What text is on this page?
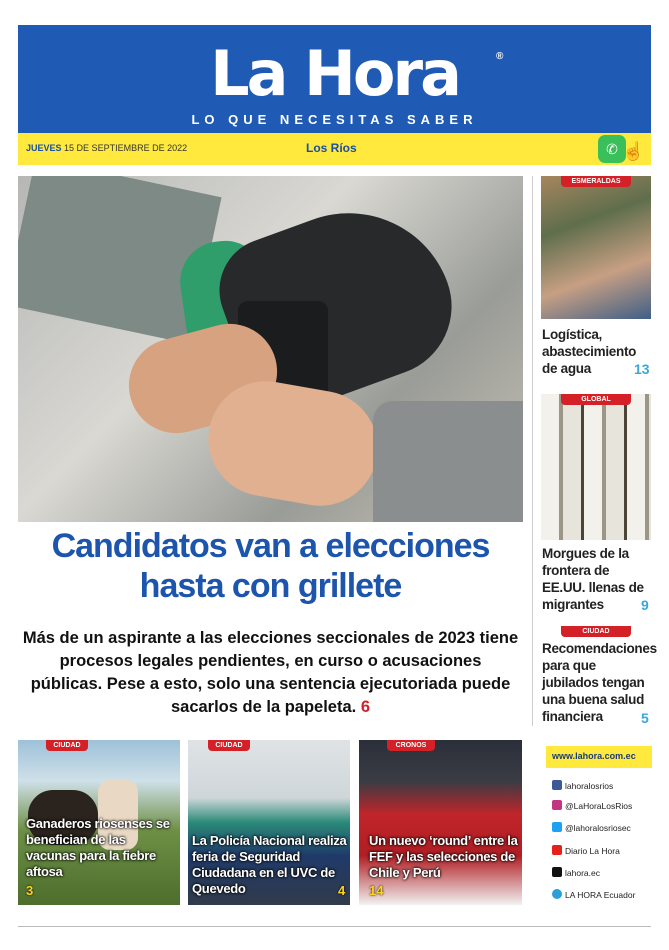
La Hora	®
LO QUE NECESITAS SABER
JUEVES 15 DE SEPTIEMBRE DE 2022	Los Ríos	✆ ☝
Candidatos van a elecciones hasta con grillete
Más de un aspirante a las elecciones seccionales de 2023 tiene procesos legales pendientes, en curso o acusaciones públicas. Pese a esto, solo una sentencia ejecutoriada puede sacarlos de la papeleta. 6
ESMERALDAS
Logística, abastecimiento de agua	13
GLOBAL
Morgues de la frontera de EE.UU. llenas de migrantes	9
CIUDAD
Recomendaciones para que jubilados tengan una buena salud financiera	5
CIUDAD
Ganaderos riosenses se benefician de las vacunas para la fiebre aftosa
3
CIUDAD
La Policía Nacional realiza feria de Seguridad Ciudadana en el UVC de Quevedo	4
CRONOS
Un nuevo ‘round’ entre la FEF y las selecciones de Chile y Perú
14
www.lahora.com.ec
lahoralosrios
@LaHoraLosRios
@lahoralosriosec
Diario La Hora
lahora.ec
LA HORA Ecuador
